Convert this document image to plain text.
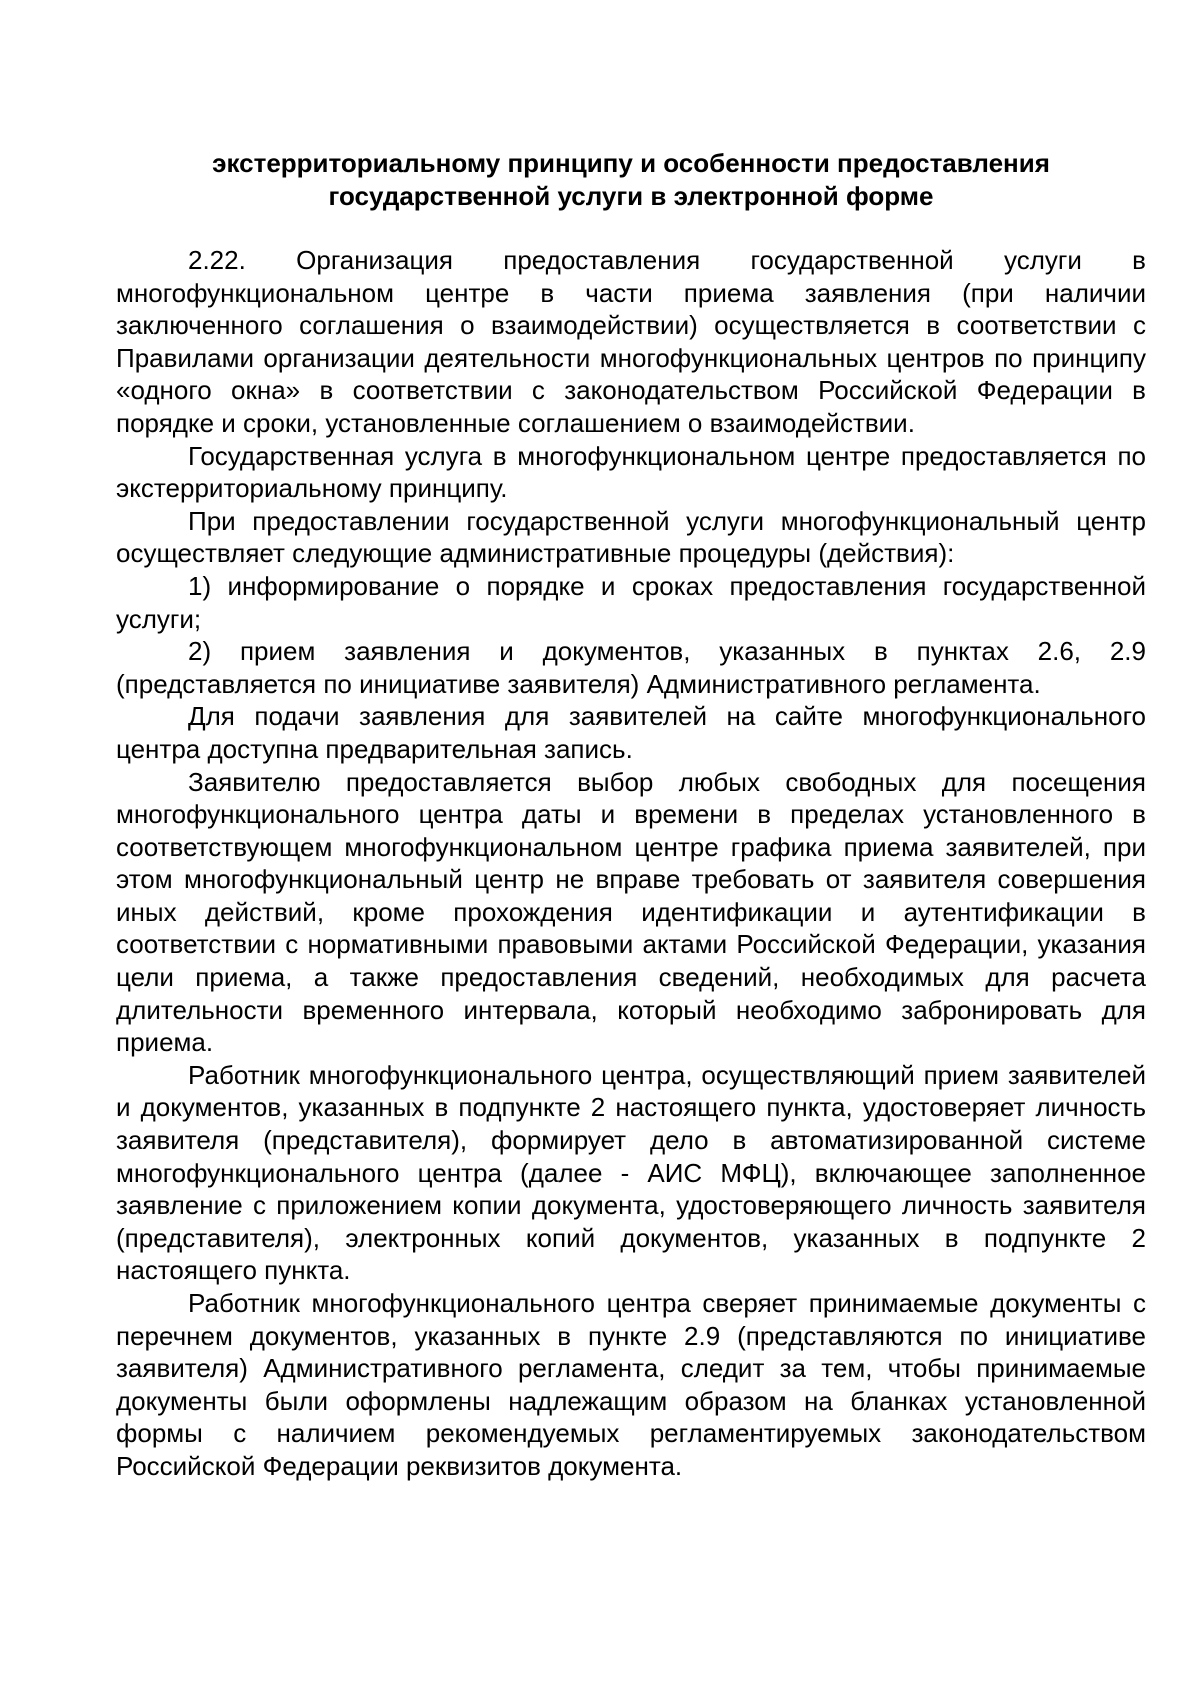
экстерриториальному принципу и особенности предоставления
государственной услуги в электронной форме

2.22. Организация предоставления государственной услуги в многофункциональном центре в части приема заявления (при наличии заключенного соглашения о взаимодействии) осуществляется в соответствии с Правилами организации деятельности многофункциональных центров по принципу «одного окна» в соответствии с законодательством Российской Федерации в порядке и сроки, установленные соглашением о взаимодействии.

Государственная услуга в многофункциональном центре предоставляется по экстерриториальному принципу.

При предоставлении государственной услуги многофункциональный центр осуществляет следующие административные процедуры (действия):

1) информирование о порядке и сроках предоставления государственной услуги;

2) прием заявления и документов, указанных в пунктах 2.6, 2.9 (представляется по инициативе заявителя) Административного регламента.

Для подачи заявления для заявителей на сайте многофункционального центра доступна предварительная запись.

Заявителю предоставляется выбор любых свободных для посещения многофункционального центра даты и времени в пределах установленного в соответствующем многофункциональном центре графика приема заявителей, при этом многофункциональный центр не вправе требовать от заявителя совершения иных действий, кроме прохождения идентификации и аутентификации в соответствии с нормативными правовыми актами Российской Федерации, указания цели приема, а также предоставления сведений, необходимых для расчета длительности временного интервала, который необходимо забронировать для приема.

Работник многофункционального центра, осуществляющий прием заявителей и документов, указанных в подпункте 2 настоящего пункта, удостоверяет личность заявителя (представителя), формирует дело в автоматизированной системе многофункционального центра (далее - АИС МФЦ), включающее заполненное заявление с приложением копии документа, удостоверяющего личность заявителя (представителя), электронных копий документов, указанных в подпункте 2 настоящего пункта.

Работник многофункционального центра сверяет принимаемые документы с перечнем документов, указанных в пункте 2.9 (представляются по инициативе заявителя) Административного регламента, следит за тем, чтобы принимаемые документы были оформлены надлежащим образом на бланках установленной формы с наличием рекомендуемых регламентируемых законодательством Российской Федерации реквизитов документа.
